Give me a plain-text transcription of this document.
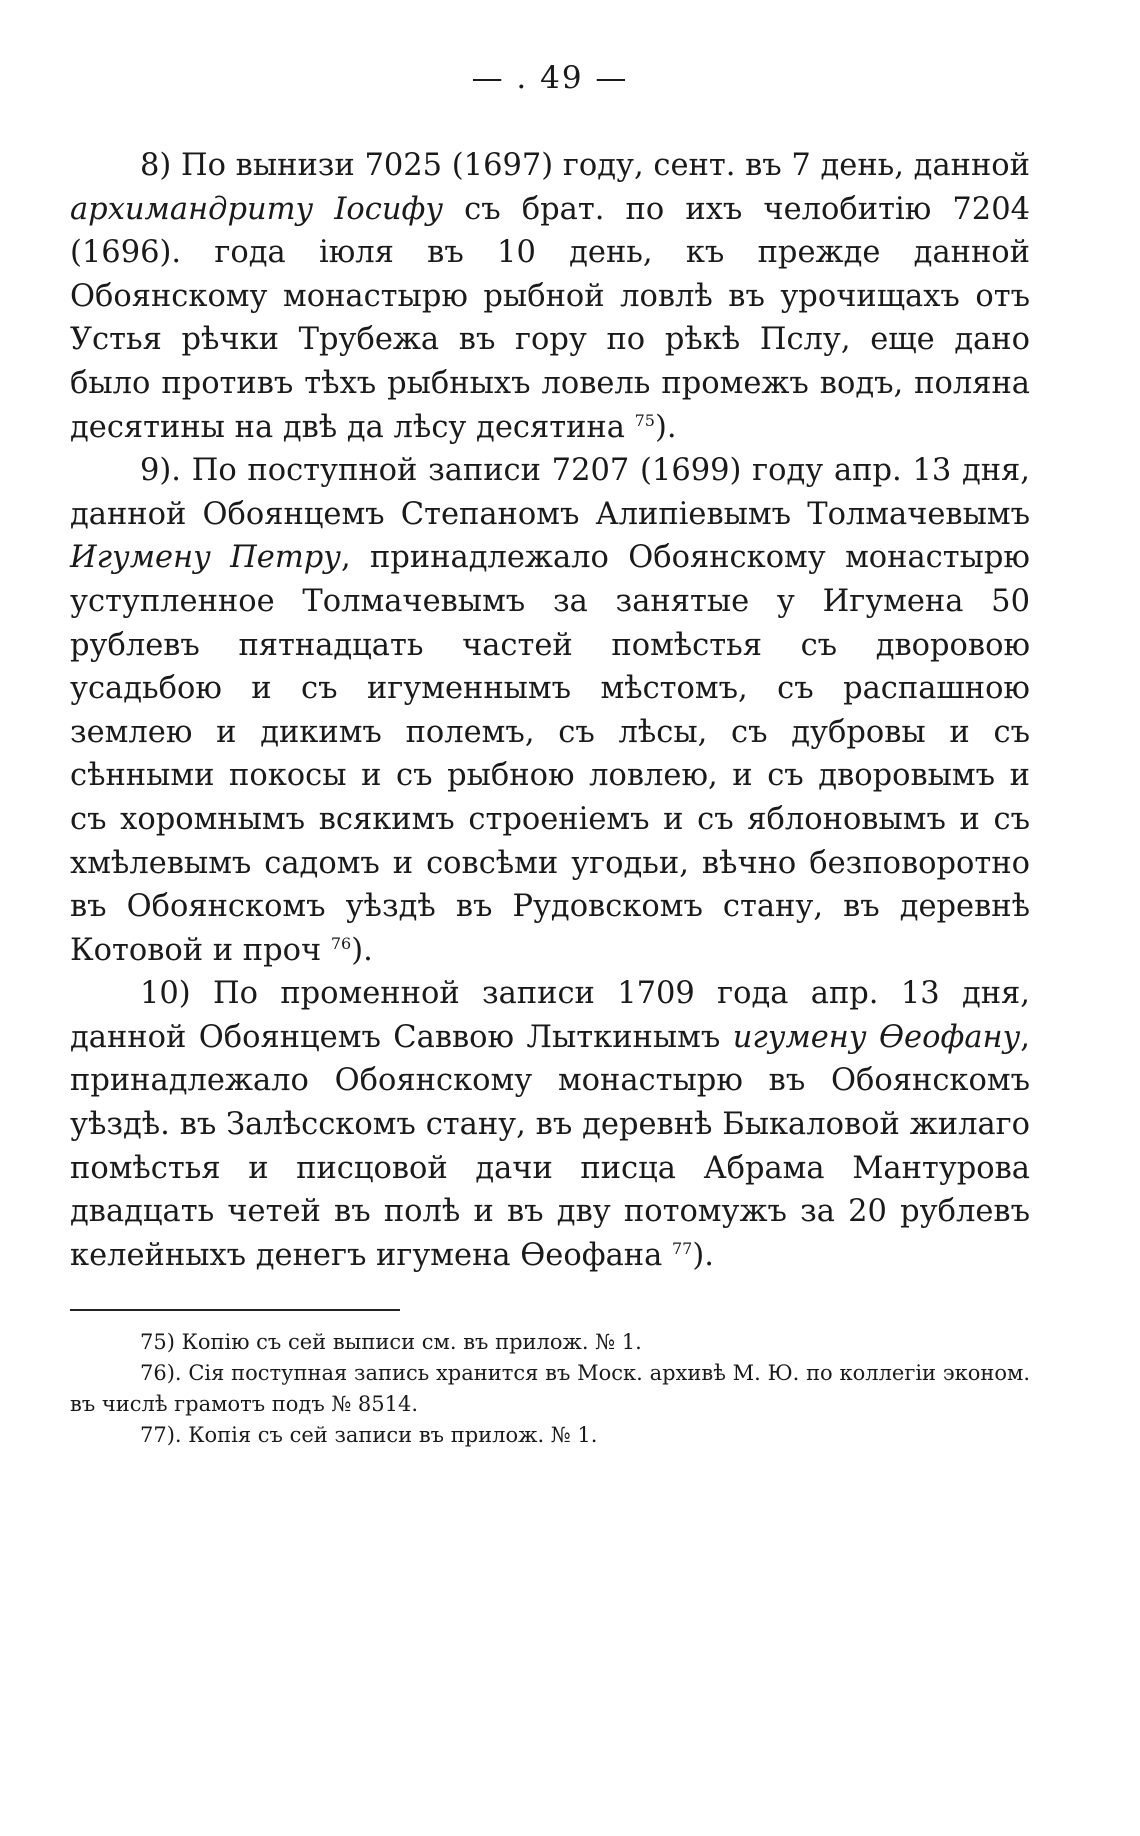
— . 49 —

8) По вынизи 7025 (1697) году, сент. въ 7 день, данной архимандриту Іосифу съ брат. по ихъ челобитію 7204 (1696). года іюля въ 10 день, къ прежде данной Обоянскому монастырю рыбной ловлѣ въ урочищахъ отъ Устья рѣчки Трубежа въ гору по рѣкѣ Пслу, еще дано было противъ тѣхъ рыбныхъ ловель промежъ водъ, поляна десятины на двѣ да лѣсу десятина $^{75}$).

9). По поступной записи 7207 (1699) году апр. 13 дня, данной Обоянцемъ Степаномъ Алипіевымъ Толмачевымъ Игумену Петру, принадлежало Обоянскому монастырю уступленное Толмачевымъ за занятые у Игумена 50 рублевъ пятнадцать частей помѣстья съ дворовою усадьбою и съ игуменнымъ мѣстомъ, съ распашною землею и дикимъ полемъ, съ лѣсы, съ дубровы и съ сѣнными покосы и съ рыбною ловлею, и съ дворовымъ и съ хоромнымъ всякимъ строеніемъ и съ яблоновымъ и съ хмѣлевымъ садомъ и совсѣми угодьи, вѣчно безповоротно въ Обоянскомъ уѣздѣ въ Рудовскомъ стану, въ деревнѣ Котовой и проч $^{76}$).

10) По променной записи 1709 года апр. 13 дня, данной Обоянцемъ Саввою Лыткинымъ игумену Ѳеофану, принадлежало Обоянскому монастырю въ Обоянскомъ уѣздѣ. въ Залѣсскомъ стану, въ деревнѣ Быкаловой жилаго помѣстья и писцовой дачи писца Абрама Мантурова двадцать четей въ полѣ и въ дву потомужъ за 20 рублевъ келейныхъ денегъ игумена Ѳеофана $^{77}$).

75) Копію съ сей выписи см. въ прилож. № 1.

76). Сія поступная запись хранится въ Моск. архивѣ М. Ю. по коллегіи эконом. въ числѣ грамотъ подъ № 8514.

77). Копія съ сей записи въ прилож. № 1.
